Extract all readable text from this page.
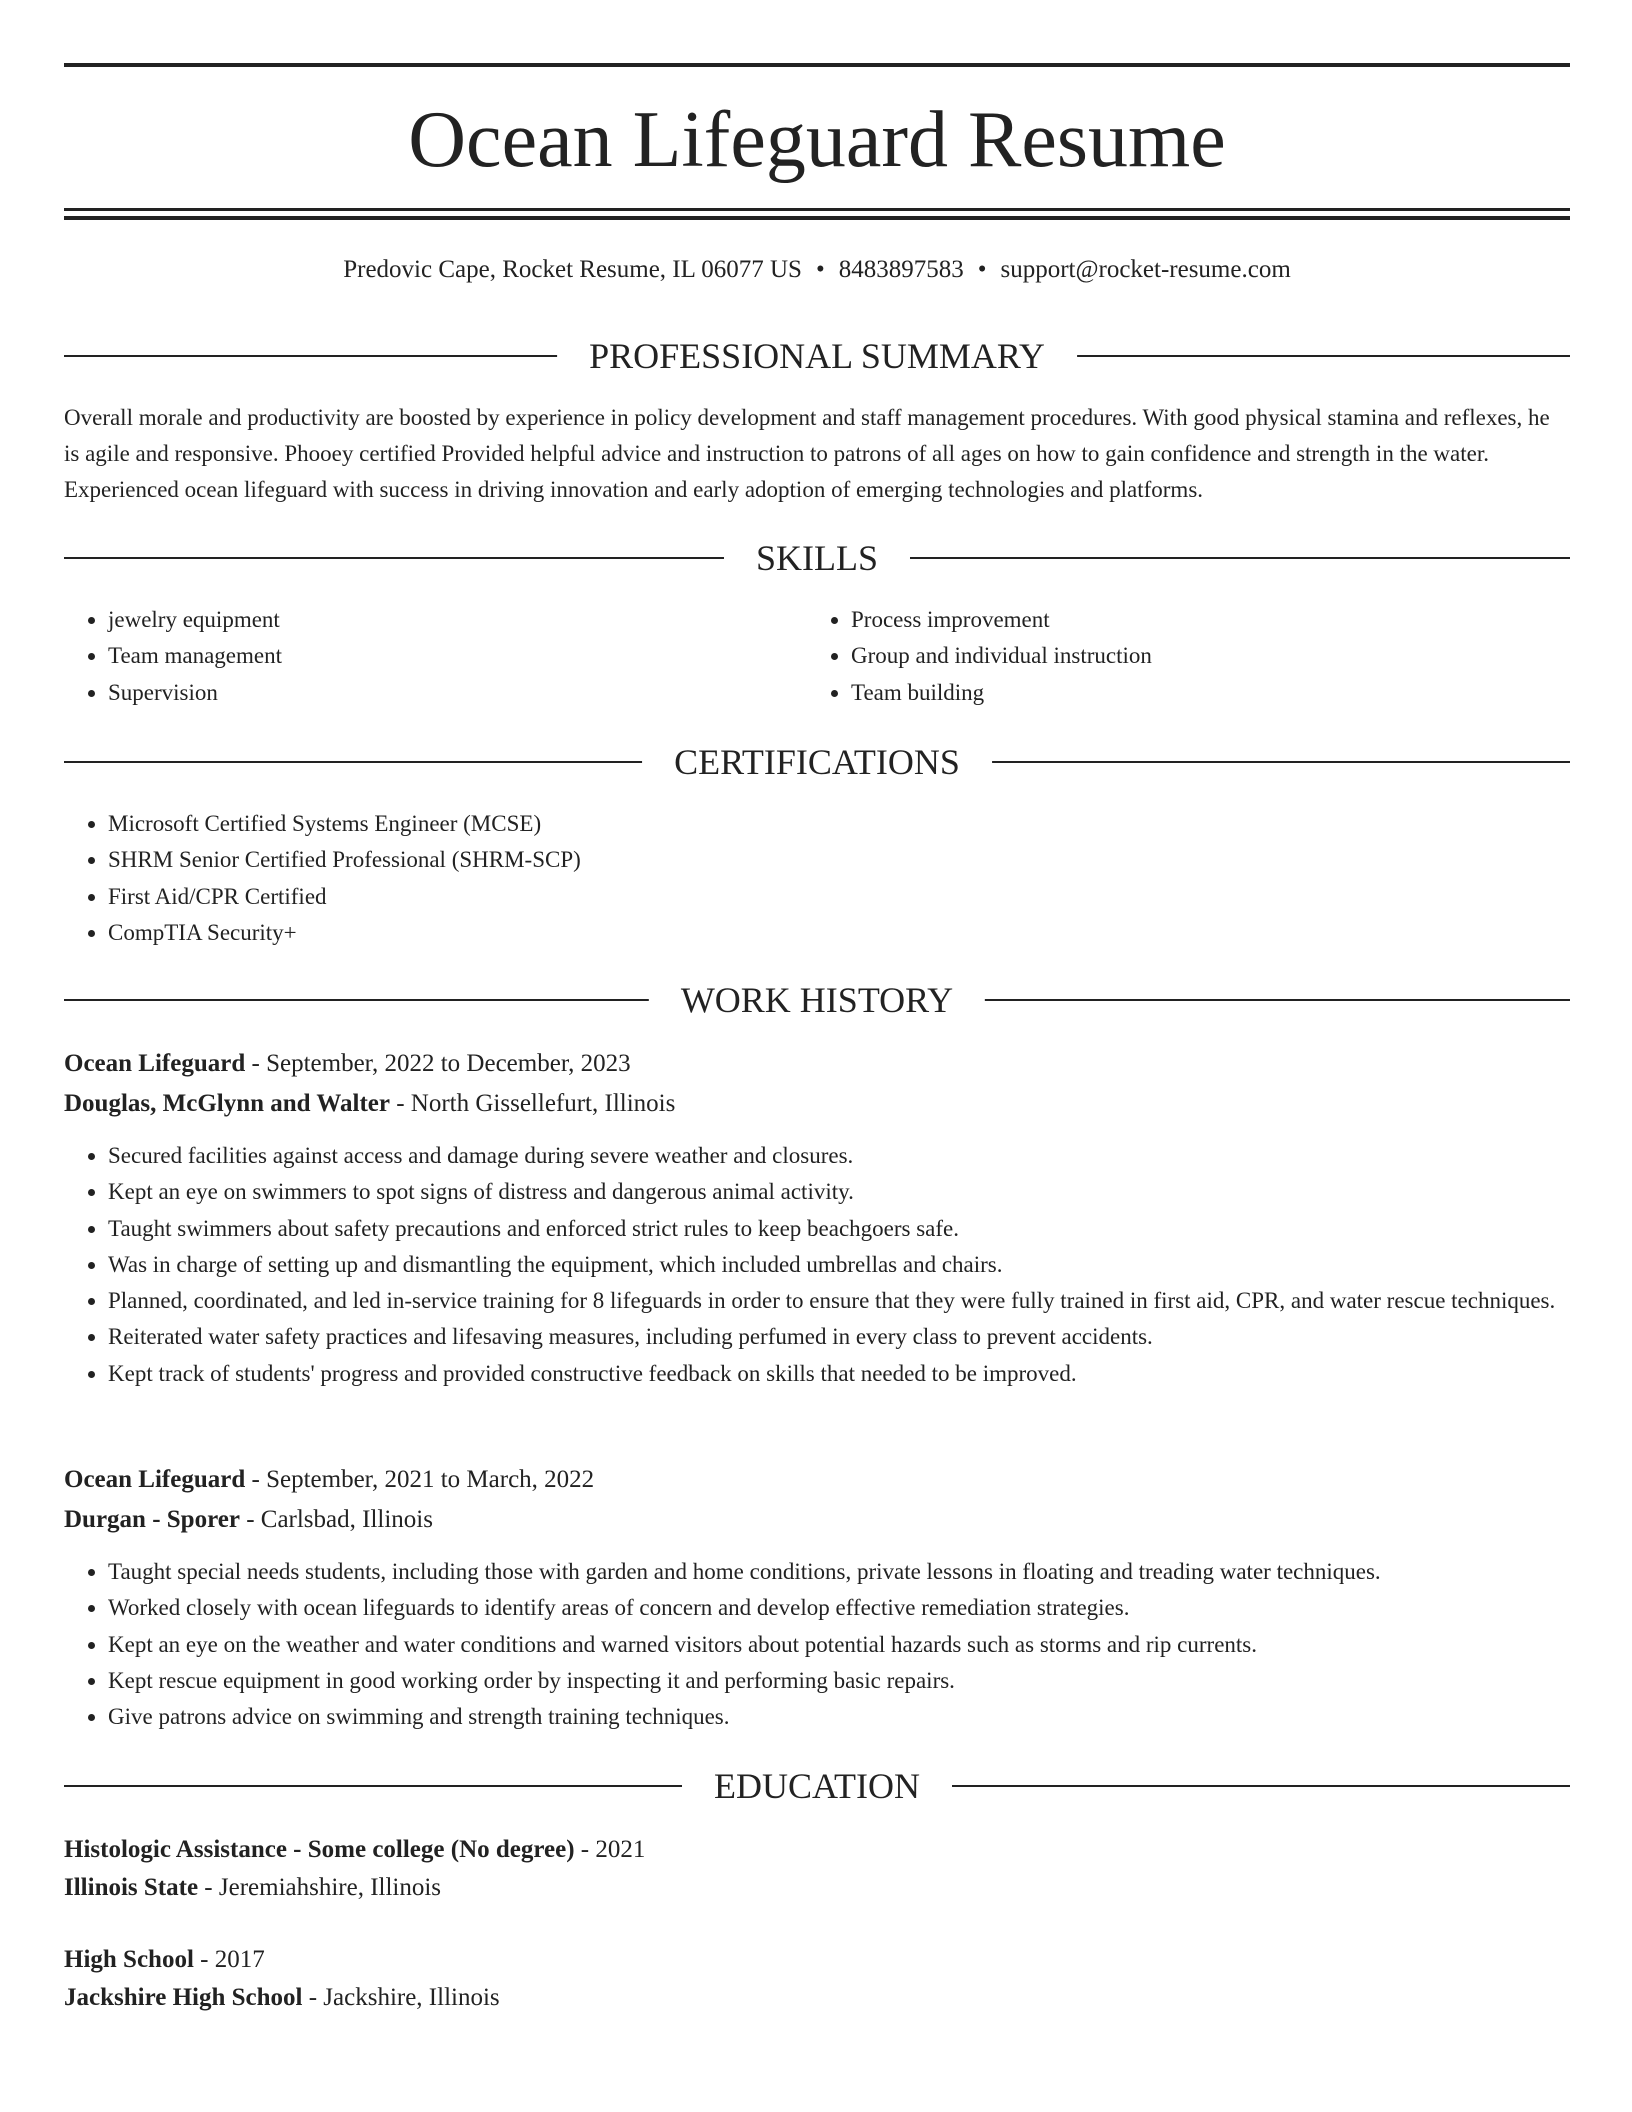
Ocean Lifeguard Resume
Predovic Cape, Rocket Resume, IL 06077 US • 8483897583 • support@rocket-resume.com
PROFESSIONAL SUMMARY

Overall morale and productivity are boosted by experience in policy development and staff management procedures. With good physical stamina and reflexes, he is agile and responsive. Phooey certified Provided helpful advice and instruction to patrons of all ages on how to gain confidence and strength in the water. Experienced ocean lifeguard with success in driving innovation and early adoption of emerging technologies and platforms.

SKILLS
• jewelry equipment
• Team management
• Supervision
• Process improvement
• Group and individual instruction
• Team building
CERTIFICATIONS
• Microsoft Certified Systems Engineer (MCSE)
• SHRM Senior Certified Professional (SHRM-SCP)
• First Aid/CPR Certified
• CompTIA Security+
WORK HISTORY
Ocean Lifeguard - September, 2022 to December, 2023
Douglas, McGlynn and Walter - North Gissellefurt, Illinois
• Secured facilities against access and damage during severe weather and closures.
• Kept an eye on swimmers to spot signs of distress and dangerous animal activity.
• Taught swimmers about safety precautions and enforced strict rules to keep beachgoers safe.
• Was in charge of setting up and dismantling the equipment, which included umbrellas and chairs.
• Planned, coordinated, and led in-service training for 8 lifeguards in order to ensure that they were fully trained in first aid, CPR, and water rescue techniques.
• Reiterated water safety practices and lifesaving measures, including perfumed in every class to prevent accidents.
• Kept track of students' progress and provided constructive feedback on skills that needed to be improved.
Ocean Lifeguard - September, 2021 to March, 2022
Durgan - Sporer - Carlsbad, Illinois
• Taught special needs students, including those with garden and home conditions, private lessons in floating and treading water techniques.
• Worked closely with ocean lifeguards to identify areas of concern and develop effective remediation strategies.
• Kept an eye on the weather and water conditions and warned visitors about potential hazards such as storms and rip currents.
• Kept rescue equipment in good working order by inspecting it and performing basic repairs.
• Give patrons advice on swimming and strength training techniques.
EDUCATION
Histologic Assistance - Some college (No degree) - 2021
Illinois State - Jeremiahshire, Illinois
High School - 2017
Jackshire High School - Jackshire, Illinois
